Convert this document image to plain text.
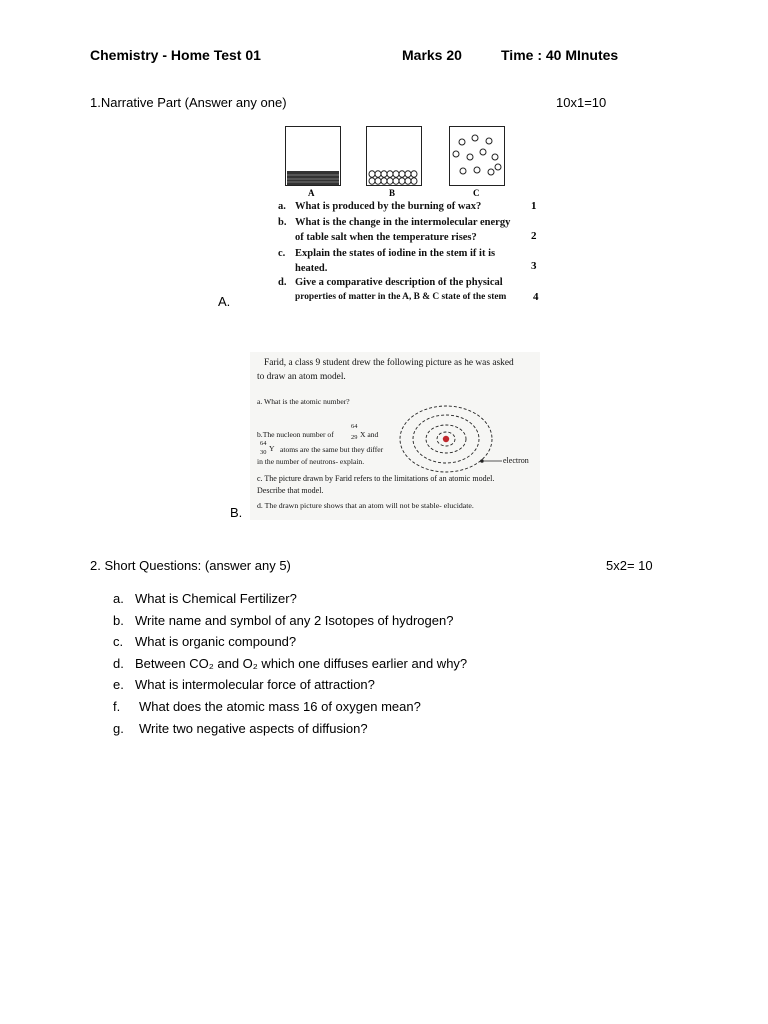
Chemistry - Home Test 01	Marks 20	Time : 40 MInutes
1.Narrative Part (Answer any one)	10x1=10
A	B	C
a. What is produced by the burning of wax?	1
b. What is the change in the intermolecular energy
of table salt when the temperature rises?	2
c. Explain the states of iodine in the stem if it is
heated.	3
d. Give a comparative description of the physical
properties of matter in the A, B & C state of the stem 4
A.
Farid, a class 9 student drew the following picture as he was asked
to draw an atom model.
a. What is the atomic number?
b.The nucleon number of
64
29 X and
64
30 Y atoms are the same but they differ
in the number of neutrons- explain.	electron
c. The picture drawn by Farid refers to the limitations of an atomic model.
Describe that model.
d. The drawn picture shows that an atom will not be stable- elucidate.
B.
2. Short Questions: (answer any 5)	5x2= 10
a. What is Chemical Fertilizer?
b. Write name and symbol of any 2 Isotopes of hydrogen?
c. What is organic compound?
d. Between CO₂ and O₂ which one diffuses earlier and why?
e. What is intermolecular force of attraction?
f. What does the atomic mass 16 of oxygen mean?
g. Write two negative aspects of diffusion?
